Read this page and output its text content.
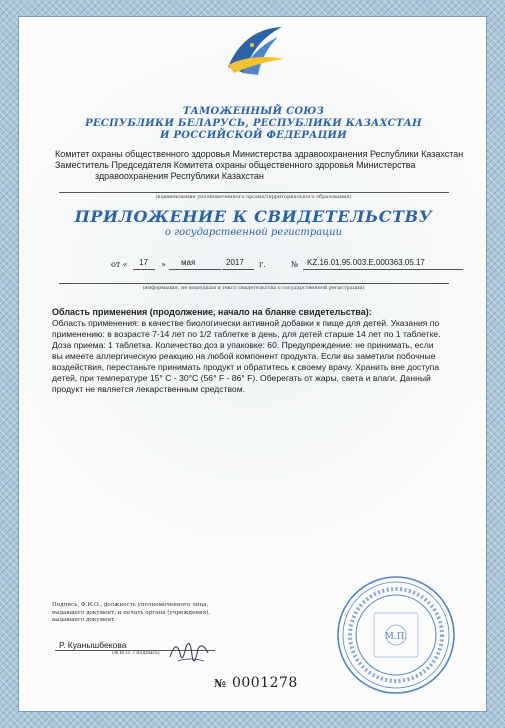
ТАМОЖЕННЫЙ СОЮЗ
РЕСПУБЛИКИ БЕЛАРУСЬ, РЕСПУБЛИКИ КАЗАХСТАН
И РОССИЙСКОЙ ФЕДЕРАЦИИ
Комитет охраны общественного здоровья Министерства здравоохранения Республики Казахстан
Заместитель Председателя Комитета охраны общественного здоровья Министерства
здравоохранения Республики Казахстан
(наименование уполномоченного органа/территориального образования)
ПРИЛОЖЕНИЕ К СВИДЕТЕЛЬСТВУ
о государственной регистрации
от « 17 » мая	2017 г.	№ KZ.16.01.95.003.E.000363.05.17
(информация, не вошедшая в текст свидетельства о государственной регистрации)
Область применения (продолжение, начало на бланке свидетельства):
Область применения: в качестве биологически активной добавки к пище для детей. Указания по
применению: в возрасте 7-14 лет по 1/2 таблетке в день, для детей старше 14 лет по 1 таблетке.
Доза приема: 1 таблетка. Количество доз в упаковке: 60. Предупреждение: не принимать, если
вы имеете аллергическую реакцию на любой компонент продукта. Если вы заметили побочные
воздействия, перестаньте принимать продукт и обратитесь к своему врачу. Хранить вне доступа
детей, при температуре 15° С - 30°С (56° F - 86° F). Оберегать от жары, света и влаги. Данный
продукт не является лекарственным средством.
Подпись, Ф.И.О., должность уполномоченного лица,
выдавшего документ, и печать органа (учреждения),
выдавшего документ
Р. Куанышбекова
(Ф.И.О. / подпись)
№ 0001278
М.П.
·
